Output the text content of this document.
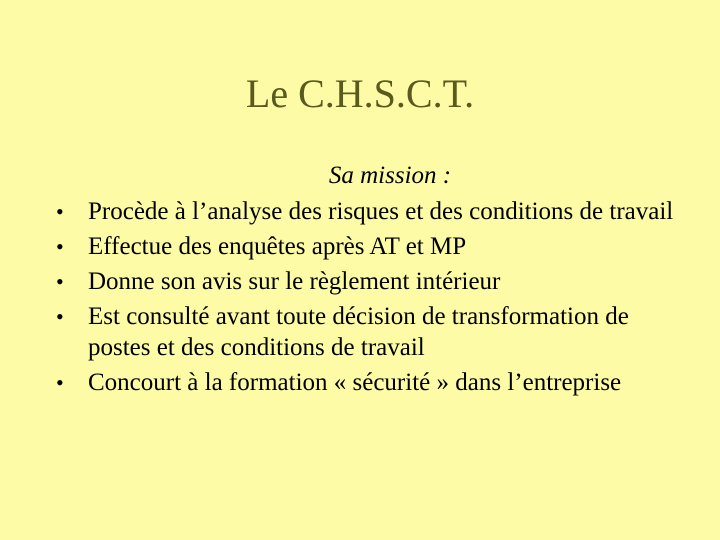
Le C.H.S.C.T.

Sa mission :

• Procède à l’analyse des risques et des conditions de travail
• Effectue des enquêtes après AT et MP
• Donne son avis sur le règlement intérieur
• Est consulté avant toute décision de transformation de postes et des conditions de travail
• Concourt à la formation « sécurité » dans l’entreprise
